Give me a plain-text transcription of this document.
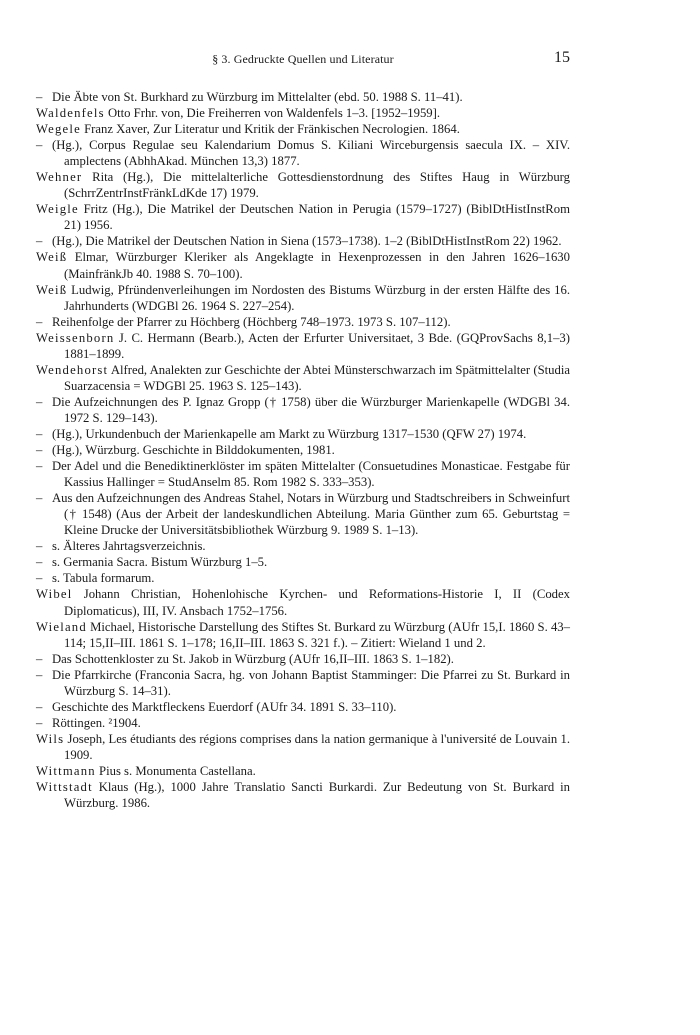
§ 3. Gedruckte Quellen und Literatur	15
– Die Äbte von St. Burkhard zu Würzburg im Mittelalter (ebd. 50. 1988 S. 11–41).
Waldenfels Otto Frhr. von, Die Freiherren von Waldenfels 1–3. [1952–1959].
Wegele Franz Xaver, Zur Literatur und Kritik der Fränkischen Necrologien. 1864.
– (Hg.), Corpus Regulae seu Kalendarium Domus S. Kiliani Wirceburgensis saecula IX. – XIV. amplectens (AbhhAkad. München 13,3) 1877.
Wehner Rita (Hg.), Die mittelalterliche Gottesdienstordnung des Stiftes Haug in Würzburg (SchrrZentrInstFränkLdKde 17) 1979.
Weigle Fritz (Hg.), Die Matrikel der Deutschen Nation in Perugia (1579–1727) (BiblDtHistInstRom 21) 1956.
– (Hg.), Die Matrikel der Deutschen Nation in Siena (1573–1738). 1–2 (BiblDtHistInstRom 22) 1962.
Weiß Elmar, Würzburger Kleriker als Angeklagte in Hexenprozessen in den Jahren 1626–1630 (MainfränkJb 40. 1988 S. 70–100).
Weiß Ludwig, Pfründenverleihungen im Nordosten des Bistums Würzburg in der ersten Hälfte des 16. Jahrhunderts (WDGBl 26. 1964 S. 227–254).
– Reihenfolge der Pfarrer zu Höchberg (Höchberg 748–1973. 1973 S. 107–112).
Weissenborn J. C. Hermann (Bearb.), Acten der Erfurter Universitaet, 3 Bde. (GQProvSachs 8,1–3) 1881–1899.
Wendehorst Alfred, Analekten zur Geschichte der Abtei Münsterschwarzach im Spätmittelalter (Studia Suarzacensia = WDGBl 25. 1963 S. 125–143).
– Die Aufzeichnungen des P. Ignaz Gropp († 1758) über die Würzburger Marienkapelle (WDGBl 34. 1972 S. 129–143).
– (Hg.), Urkundenbuch der Marienkapelle am Markt zu Würzburg 1317–1530 (QFW 27) 1974.
– (Hg.), Würzburg. Geschichte in Bilddokumenten, 1981.
– Der Adel und die Benediktinerklöster im späten Mittelalter (Consuetudines Monasticae. Festgabe für Kassius Hallinger = StudAnselm 85. Rom 1982 S. 333–353).
– Aus den Aufzeichnungen des Andreas Stahel, Notars in Würzburg und Stadtschreibers in Schweinfurt († 1548) (Aus der Arbeit der landeskundlichen Abteilung. Maria Günther zum 65. Geburtstag = Kleine Drucke der Universitätsbibliothek Würzburg 9. 1989 S. 1–13).
– s. Älteres Jahrtagsverzeichnis.
– s. Germania Sacra. Bistum Würzburg 1–5.
– s. Tabula formarum.
Wibel Johann Christian, Hohenlohische Kyrchen- und Reformations-Historie I, II (Codex Diplomaticus), III, IV. Ansbach 1752–1756.
Wieland Michael, Historische Darstellung des Stiftes St. Burkard zu Würzburg (AUfr 15,I. 1860 S. 43–114; 15,II–III. 1861 S. 1–178; 16,II–III. 1863 S. 321 f.). – Zitiert: Wieland 1 und 2.
– Das Schottenkloster zu St. Jakob in Würzburg (AUfr 16,II–III. 1863 S. 1–182).
– Die Pfarrkirche (Franconia Sacra, hg. von Johann Baptist Stamminger: Die Pfarrei zu St. Burkard in Würzburg S. 14–31).
– Geschichte des Marktfleckens Euerdorf (AUfr 34. 1891 S. 33–110).
– Röttingen. ²1904.
Wils Joseph, Les étudiants des régions comprises dans la nation germanique à l'université de Louvain 1. 1909.
Wittmann Pius s. Monumenta Castellana.
Wittstadt Klaus (Hg.), 1000 Jahre Translatio Sancti Burkardi. Zur Bedeutung von St. Burkard in Würzburg. 1986.
